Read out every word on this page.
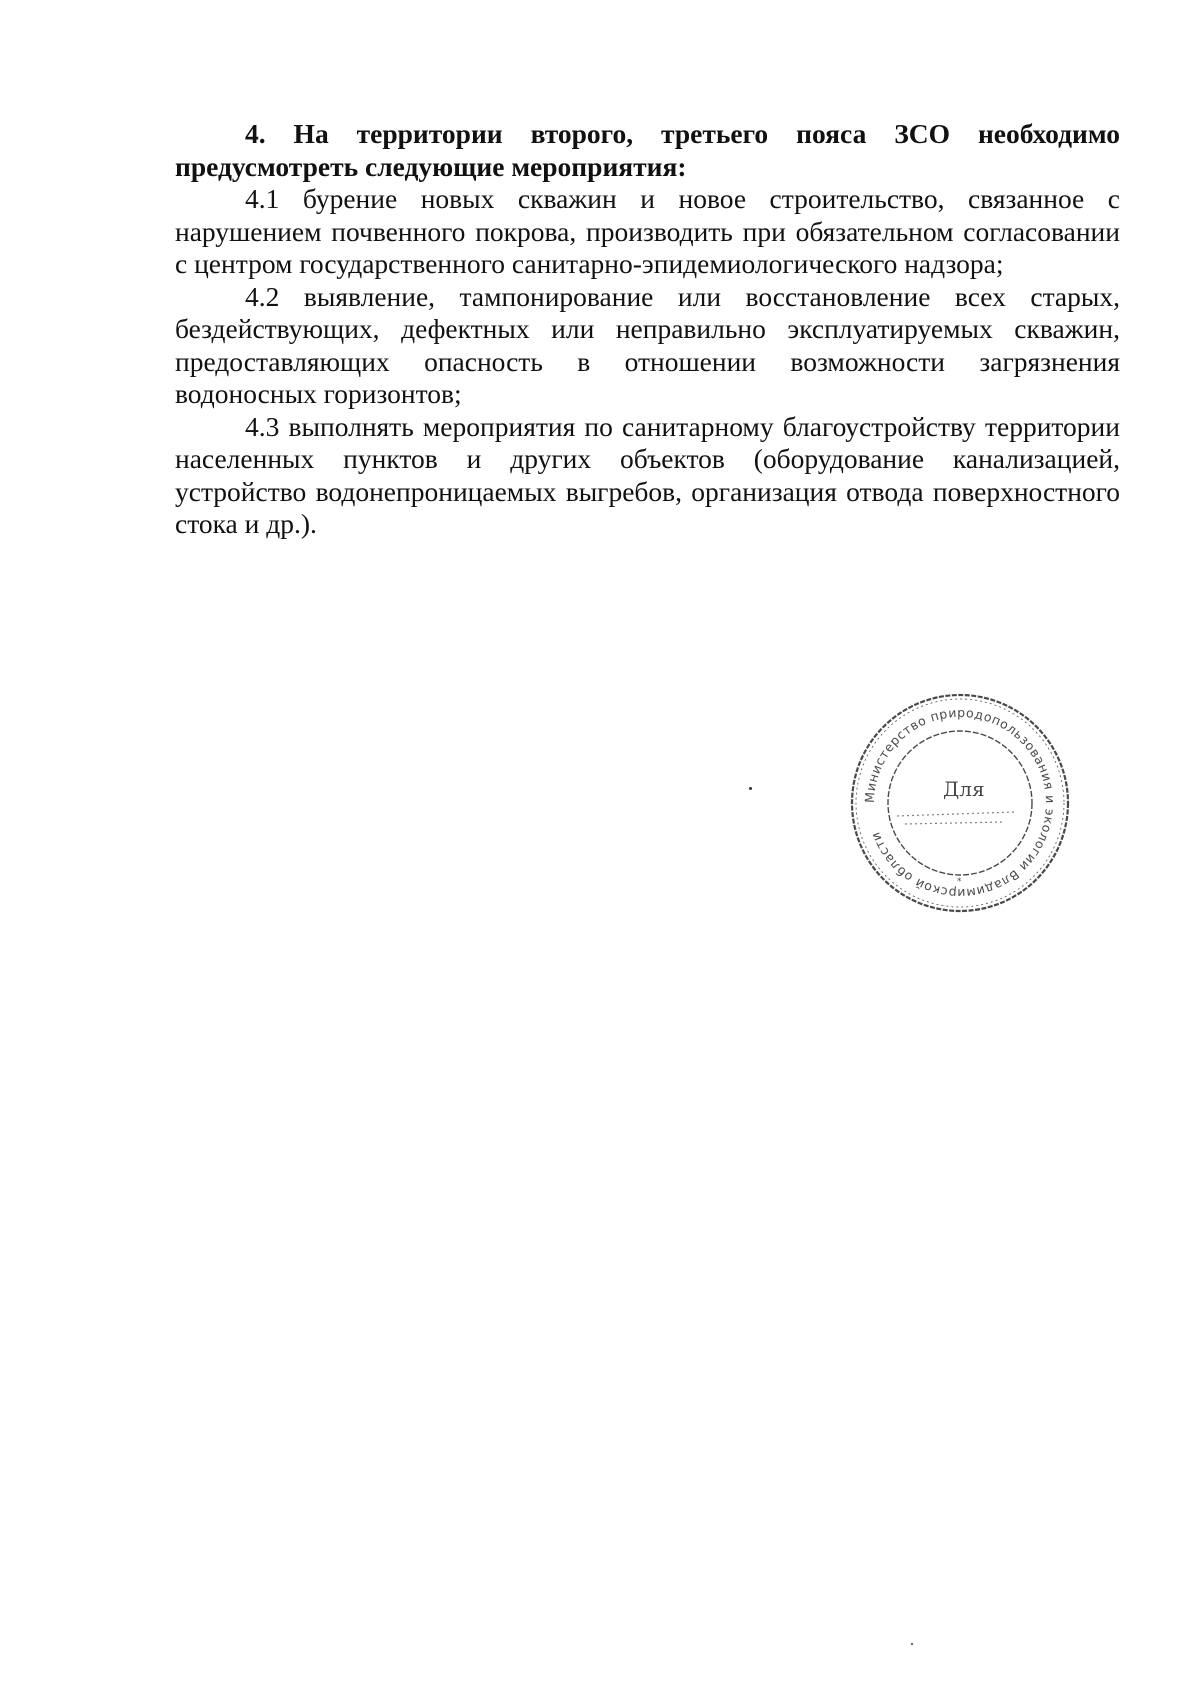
4. На территории второго, третьего пояса ЗСО необходимо предусмотреть следующие мероприятия:

4.1 бурение новых скважин и новое строительство, связанное с нарушением почвенного покрова, производить при обязательном согласовании с центром государственного санитарно-эпидемиологического надзора;

4.2 выявление, тампонирование или восстановление всех старых, бездействующих, дефектных или неправильно эксплуатируемых скважин, предоставляющих опасность в отношении возможности загрязнения водоносных горизонтов;

4.3 выполнять мероприятия по санитарному благоустройству территории населенных пунктов и других объектов (оборудование канализацией, устройство водонепроницаемых выгребов, организация отвода поверхностного стока и др.).

Министерство природопользования и экологии Владимирской области
Для
*
